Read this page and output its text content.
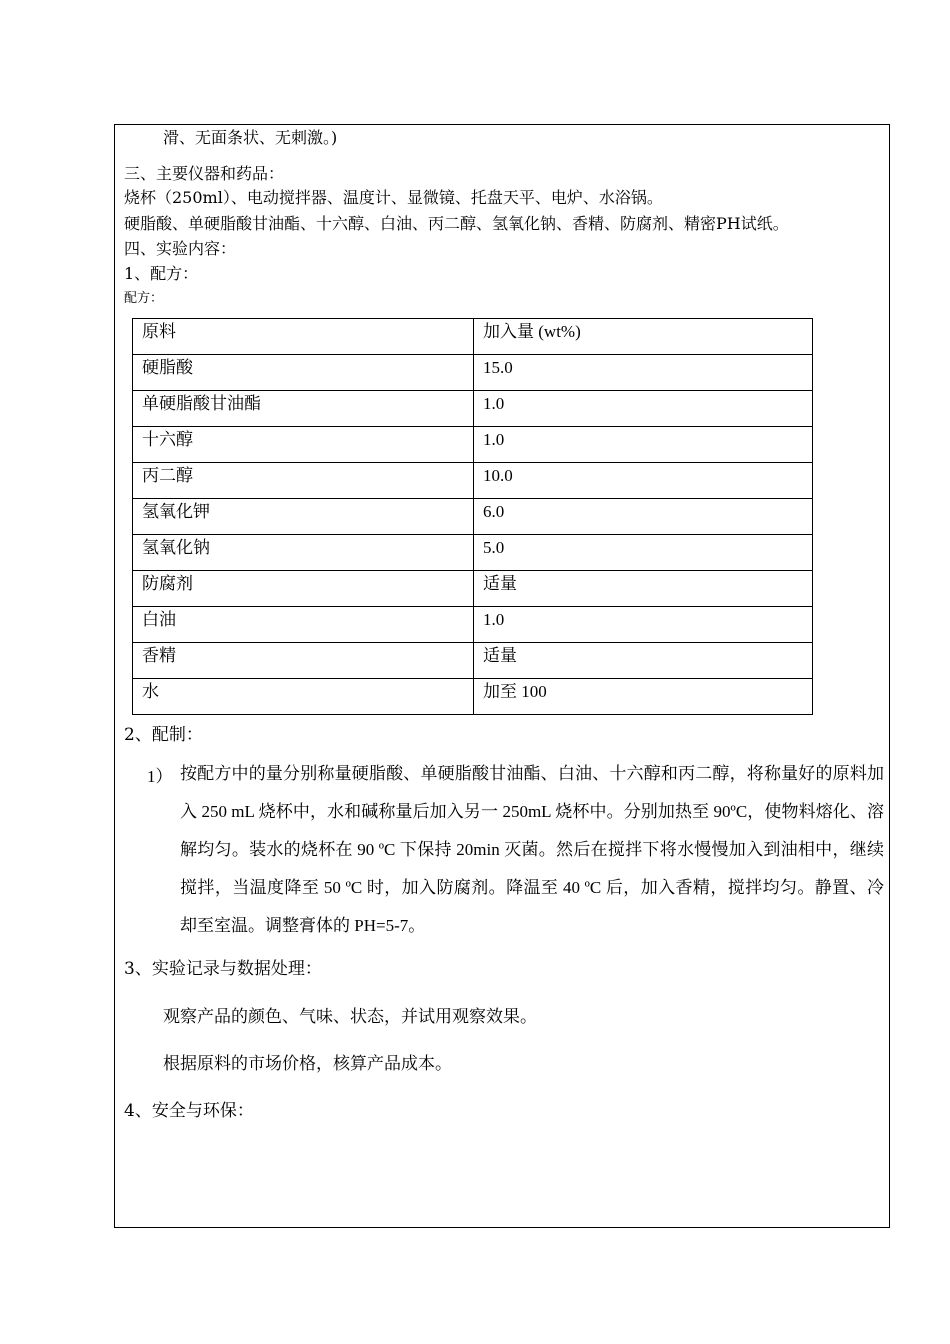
滑、无面条状、无刺激。)
三、主要仪器和药品：
烧杯（250ml）、电动搅拌器、温度计、显微镜、托盘天平、电炉、水浴锅。
硬脂酸、单硬脂酸甘油酯、十六醇、白油、丙二醇、氢氧化钠、香精、防腐剂、精密PH试纸。
四、实验内容：
1、配方：
配方：
原料	加入量 (wt%)
硬脂酸	15.0
单硬脂酸甘油酯	1.0
十六醇	1.0
丙二醇	10.0
氢氧化钾	6.0
氢氧化钠	5.0
防腐剂	适量
白油	1.0
香精	适量
水	加至 100
2、配制：
1） 按配方中的量分别称量硬脂酸、单硬脂酸甘油酯、白油、十六醇和丙二醇，将称量好的原料加入 250 mL 烧杯中，水和碱称量后加入另一 250mL 烧杯中。分别加热至 90ºC，使物料熔化、溶解均匀。装水的烧杯在 90 ºC 下保持 20min 灭菌。然后在搅拌下将水慢慢加入到油相中，继续搅拌，当温度降至 50 ºC 时，加入防腐剂。降温至 40 ºC 后，加入香精，搅拌均匀。静置、冷却至室温。调整膏体的 PH=5-7。
3、实验记录与数据处理：
观察产品的颜色、气味、状态，并试用观察效果。
根据原料的市场价格，核算产品成本。
4、安全与环保：
